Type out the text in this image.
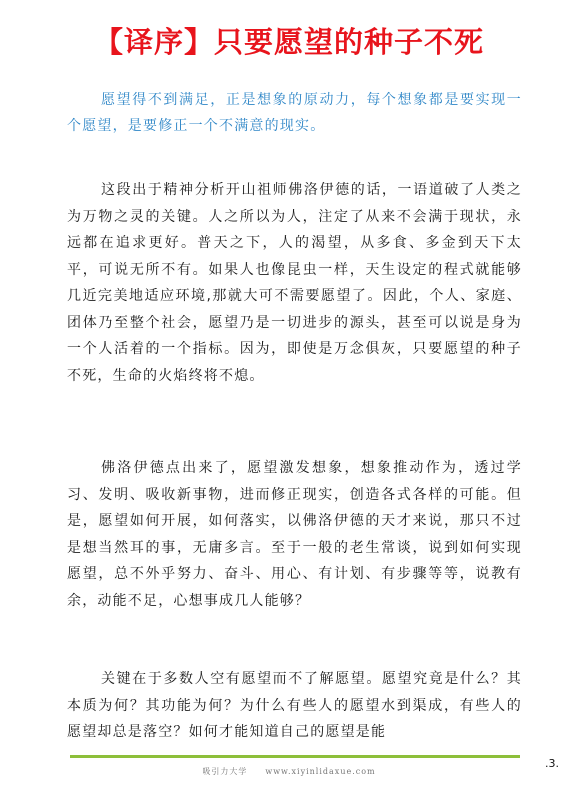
【译序】只要愿望的种子不死

愿望得不到满足，正是想象的原动力，每个想象都是要实现一个愿望，是要修正一个不满意的现实。

这段出于精神分析开山祖师佛洛伊德的话，一语道破了人类之为万物之灵的关键。人之所以为人，注定了从来不会满于现状，永远都在追求更好。普天之下，人的渴望，从多食、多金到天下太平，可说无所不有。如果人也像昆虫一样，天生设定的程式就能够几近完美地适应环境,那就大可不需要愿望了。因此，个人、家庭、团体乃至整个社会，愿望乃是一切进步的源头，甚至可以说是身为一个人活着的一个指标。因为，即使是万念俱灰，只要愿望的种子不死，生命的火焰终将不熄。

佛洛伊德点出来了，愿望激发想象，想象推动作为，透过学习、发明、吸收新事物，进而修正现实，创造各式各样的可能。但是，愿望如何开展，如何落实，以佛洛伊德的天才来说，那只不过是想当然耳的事，无庸多言。至于一般的老生常谈，说到如何实现愿望，总不外乎努力、奋斗、用心、有计划、有步骤等等，说教有余，动能不足，心想事成几人能够？

关键在于多数人空有愿望而不了解愿望。愿望究竟是什么？其本质为何？其功能为何？为什么有些人的愿望水到渠成，有些人的愿望却总是落空？如何才能知道自己的愿望是能

吸引力大学 www.xiyinlidaxue.com
.3.
